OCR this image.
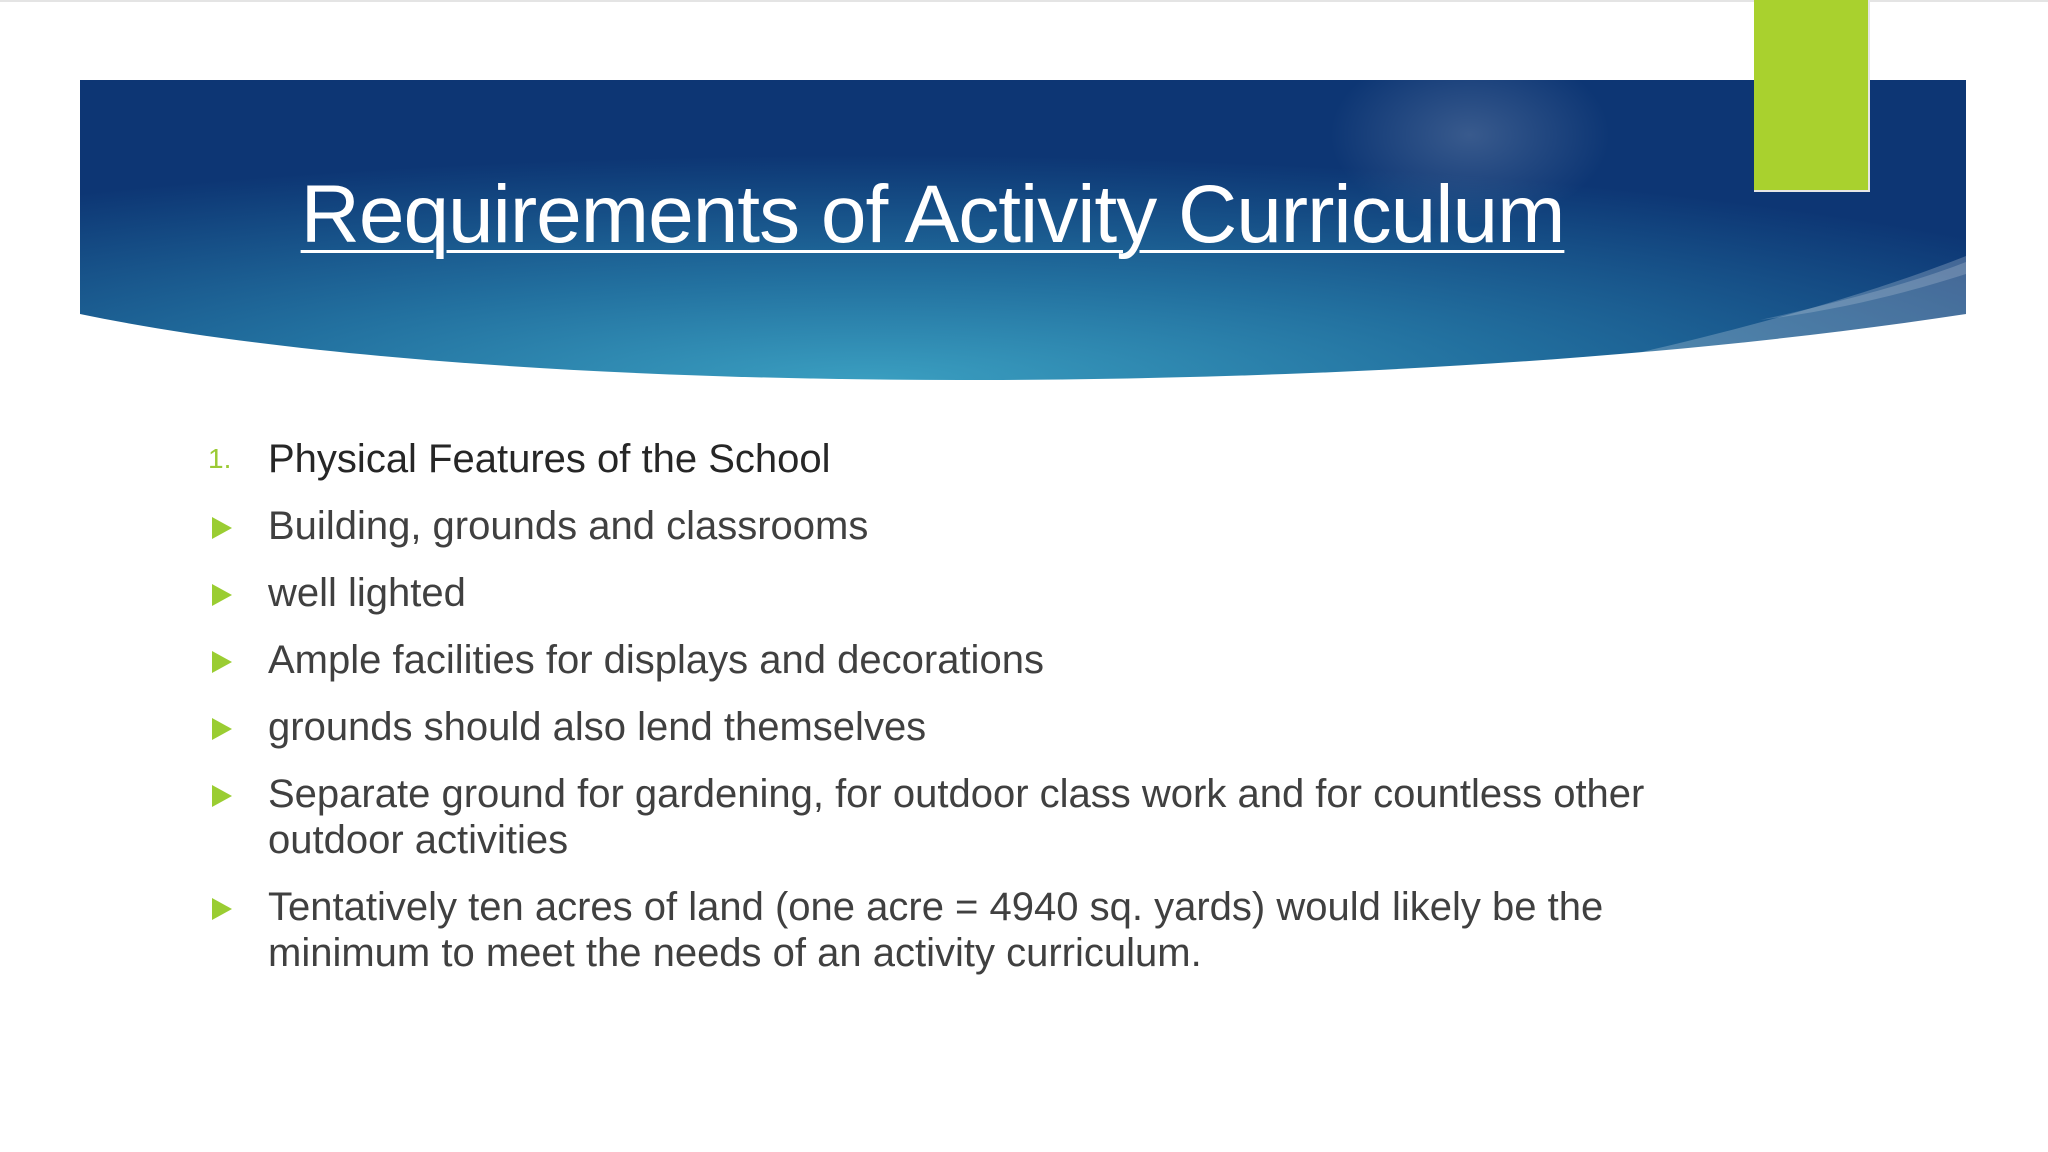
Requirements of Activity Curriculum
1. Physical Features of the School
Building, grounds and classrooms
well lighted
Ample facilities for displays and decorations
grounds should also lend themselves
Separate ground for gardening, for outdoor class work and for countless other outdoor activities
Tentatively ten acres of land (one acre = 4940 sq. yards) would likely be the minimum to meet the needs of an activity curriculum.
